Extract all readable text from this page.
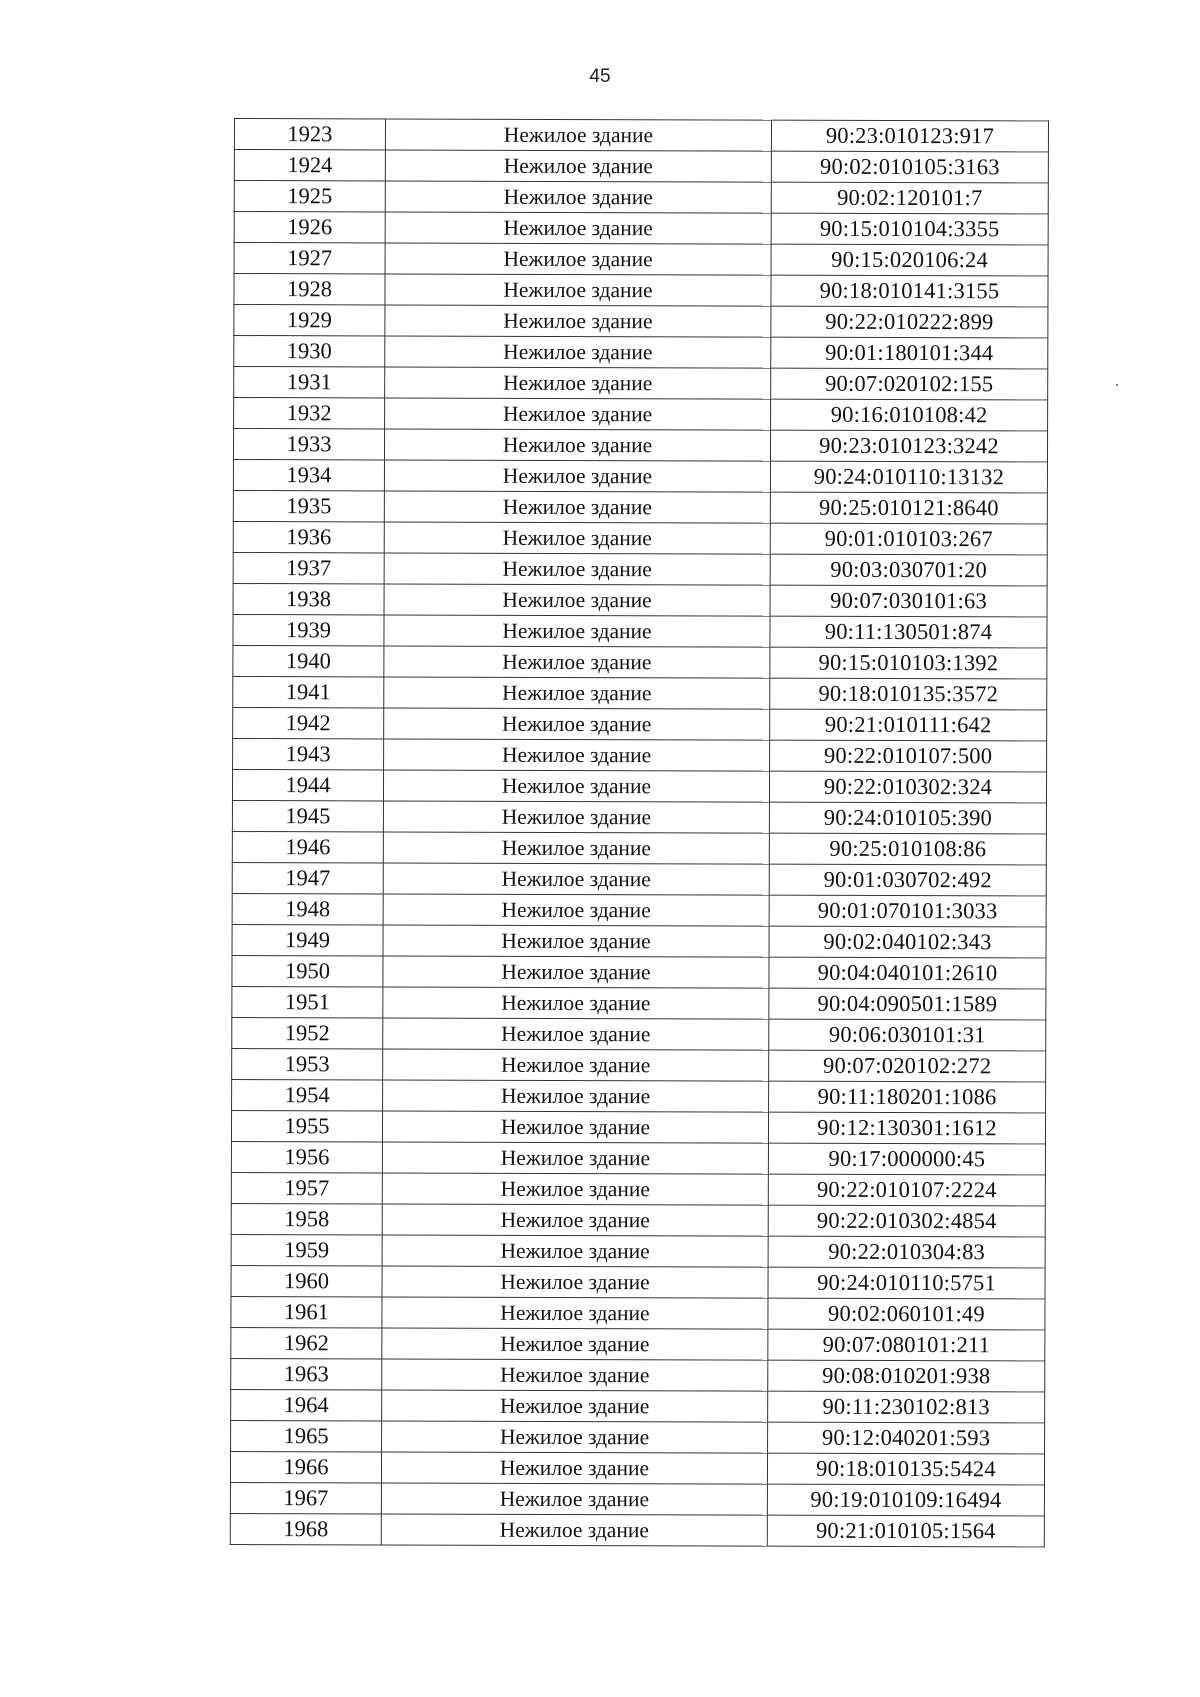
45
1923	Нежилое здание	90:23:010123:917
1924	Нежилое здание	90:02:010105:3163
1925	Нежилое здание	90:02:120101:7
1926	Нежилое здание	90:15:010104:3355
1927	Нежилое здание	90:15:020106:24
1928	Нежилое здание	90:18:010141:3155
1929	Нежилое здание	90:22:010222:899
1930	Нежилое здание	90:01:180101:344
1931	Нежилое здание	90:07:020102:155
1932	Нежилое здание	90:16:010108:42
1933	Нежилое здание	90:23:010123:3242
1934	Нежилое здание	90:24:010110:13132
1935	Нежилое здание	90:25:010121:8640
1936	Нежилое здание	90:01:010103:267
1937	Нежилое здание	90:03:030701:20
1938	Нежилое здание	90:07:030101:63
1939	Нежилое здание	90:11:130501:874
1940	Нежилое здание	90:15:010103:1392
1941	Нежилое здание	90:18:010135:3572
1942	Нежилое здание	90:21:010111:642
1943	Нежилое здание	90:22:010107:500
1944	Нежилое здание	90:22:010302:324
1945	Нежилое здание	90:24:010105:390
1946	Нежилое здание	90:25:010108:86
1947	Нежилое здание	90:01:030702:492
1948	Нежилое здание	90:01:070101:3033
1949	Нежилое здание	90:02:040102:343
1950	Нежилое здание	90:04:040101:2610
1951	Нежилое здание	90:04:090501:1589
1952	Нежилое здание	90:06:030101:31
1953	Нежилое здание	90:07:020102:272
1954	Нежилое здание	90:11:180201:1086
1955	Нежилое здание	90:12:130301:1612
1956	Нежилое здание	90:17:000000:45
1957	Нежилое здание	90:22:010107:2224
1958	Нежилое здание	90:22:010302:4854
1959	Нежилое здание	90:22:010304:83
1960	Нежилое здание	90:24:010110:5751
1961	Нежилое здание	90:02:060101:49
1962	Нежилое здание	90:07:080101:211
1963	Нежилое здание	90:08:010201:938
1964	Нежилое здание	90:11:230102:813
1965	Нежилое здание	90:12:040201:593
1966	Нежилое здание	90:18:010135:5424
1967	Нежилое здание	90:19:010109:16494
1968	Нежилое здание	90:21:010105:1564
